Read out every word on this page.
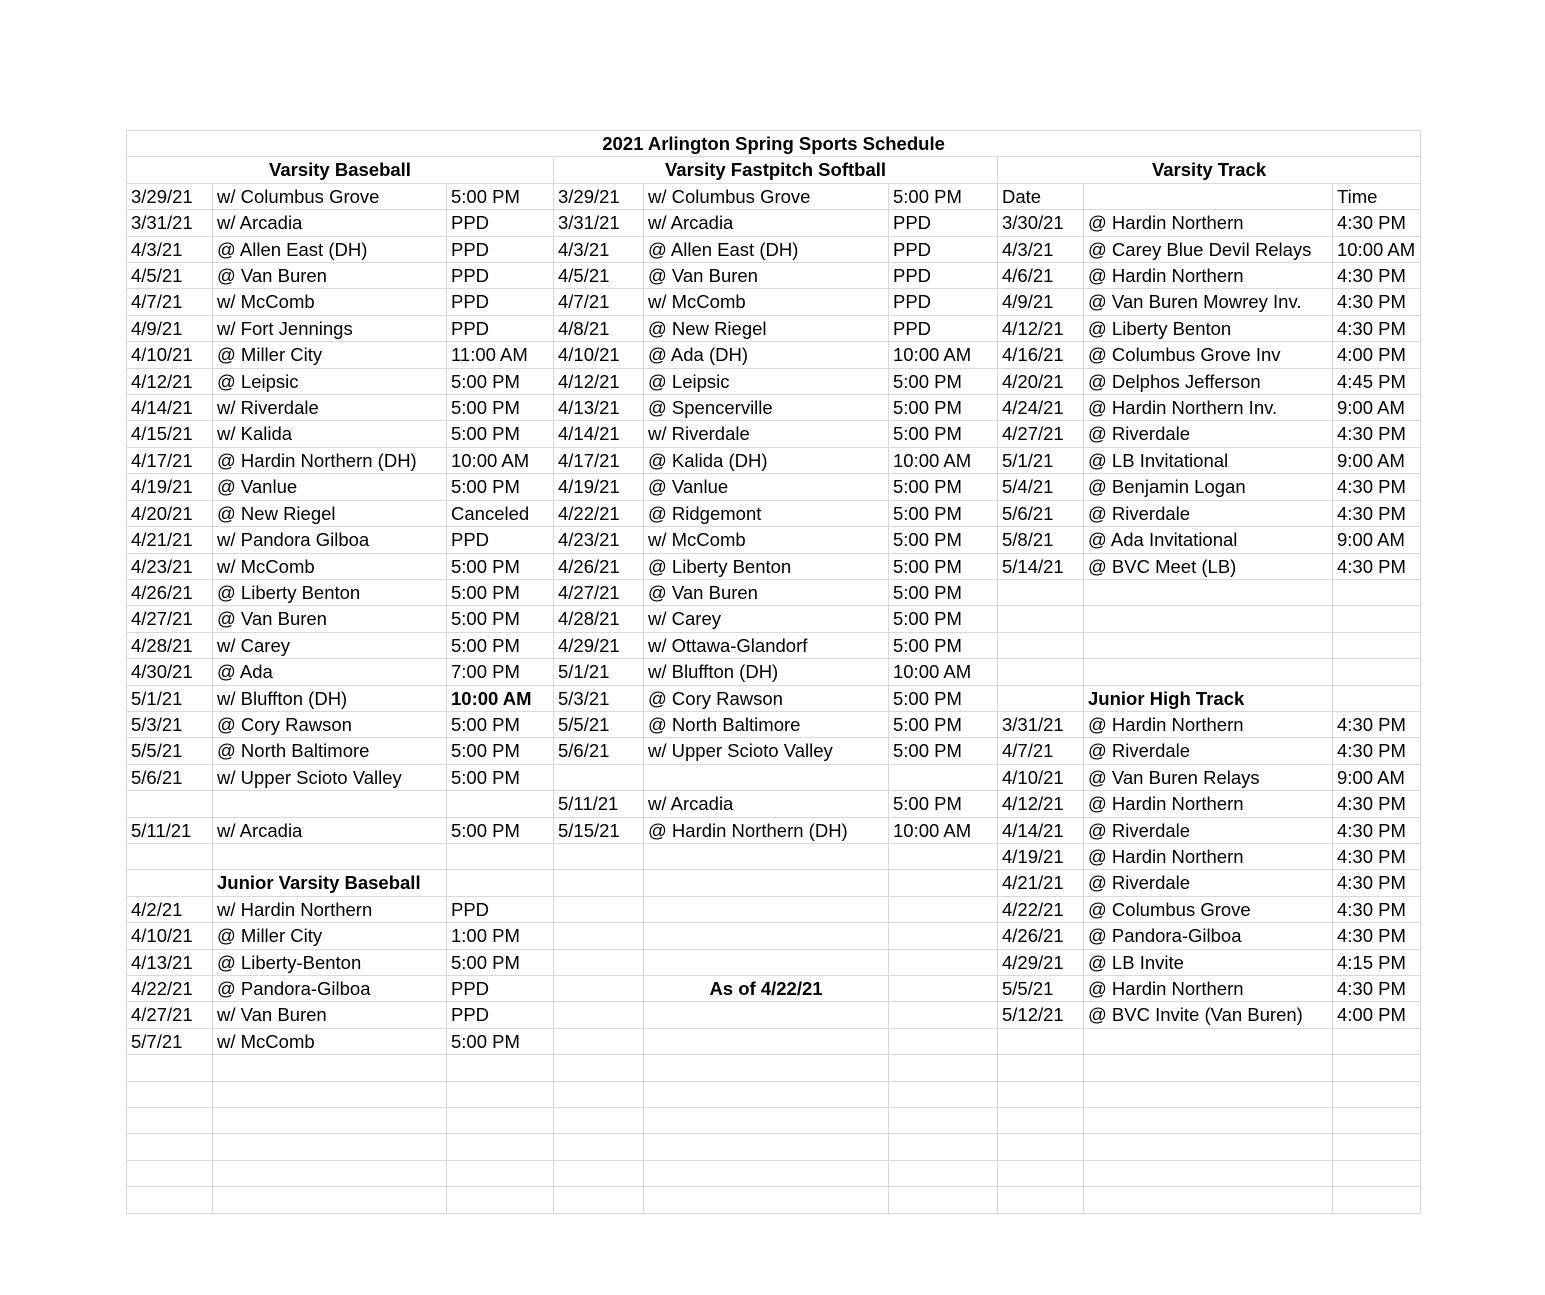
2021 Arlington Spring Sports Schedule								
Varsity Baseball			Varsity Fastpitch Softball			Varsity Track		
3/29/21	w/ Columbus Grove	5:00 PM	3/29/21	w/ Columbus Grove	5:00 PM	Date		Time
3/31/21	w/ Arcadia	PPD	3/31/21	w/ Arcadia	PPD	3/30/21	@ Hardin Northern	4:30 PM
4/3/21	@ Allen East (DH)	PPD	4/3/21	@ Allen East (DH)	PPD	4/3/21	@ Carey Blue Devil Relays	10:00 AM
4/5/21	@ Van Buren	PPD	4/5/21	@ Van Buren	PPD	4/6/21	@ Hardin Northern	4:30 PM
4/7/21	w/ McComb	PPD	4/7/21	w/ McComb	PPD	4/9/21	@ Van Buren Mowrey Inv.	4:30 PM
4/9/21	w/ Fort Jennings	PPD	4/8/21	@ New Riegel	PPD	4/12/21	@ Liberty Benton	4:30 PM
4/10/21	@ Miller City	11:00 AM	4/10/21	@ Ada (DH)	10:00 AM	4/16/21	@ Columbus Grove Inv	4:00 PM
4/12/21	@ Leipsic	5:00 PM	4/12/21	@ Leipsic	5:00 PM	4/20/21	@ Delphos Jefferson	4:45 PM
4/14/21	w/ Riverdale	5:00 PM	4/13/21	@ Spencerville	5:00 PM	4/24/21	@ Hardin Northern Inv.	9:00 AM
4/15/21	w/ Kalida	5:00 PM	4/14/21	w/ Riverdale	5:00 PM	4/27/21	@ Riverdale	4:30 PM
4/17/21	@ Hardin Northern (DH)	10:00 AM	4/17/21	@ Kalida (DH)	10:00 AM	5/1/21	@ LB Invitational	9:00 AM
4/19/21	@ Vanlue	5:00 PM	4/19/21	@ Vanlue	5:00 PM	5/4/21	@ Benjamin Logan	4:30 PM
4/20/21	@ New Riegel	Canceled	4/22/21	@ Ridgemont	5:00 PM	5/6/21	@ Riverdale	4:30 PM
4/21/21	w/ Pandora Gilboa	PPD	4/23/21	w/ McComb	5:00 PM	5/8/21	@ Ada Invitational	9:00 AM
4/23/21	w/ McComb	5:00 PM	4/26/21	@ Liberty Benton	5:00 PM	5/14/21	@ BVC Meet (LB)	4:30 PM
4/26/21	@ Liberty Benton	5:00 PM	4/27/21	@ Van Buren	5:00 PM			
4/27/21	@ Van Buren	5:00 PM	4/28/21	w/ Carey	5:00 PM			
4/28/21	w/ Carey	5:00 PM	4/29/21	w/ Ottawa-Glandorf	5:00 PM			
4/30/21	@ Ada	7:00 PM	5/1/21	w/ Bluffton (DH)	10:00 AM			
5/1/21	w/ Bluffton (DH)	10:00 AM	5/3/21	@ Cory Rawson	5:00 PM		Junior High Track	
5/3/21	@ Cory Rawson	5:00 PM	5/5/21	@ North Baltimore	5:00 PM	3/31/21	@ Hardin Northern	4:30 PM
5/5/21	@ North Baltimore	5:00 PM	5/6/21	w/ Upper Scioto Valley	5:00 PM	4/7/21	@ Riverdale	4:30 PM
5/6/21	w/ Upper Scioto Valley	5:00 PM				4/10/21	@ Van Buren Relays	9:00 AM
			5/11/21	w/ Arcadia	5:00 PM	4/12/21	@ Hardin Northern	4:30 PM
5/11/21	w/ Arcadia	5:00 PM	5/15/21	@ Hardin Northern (DH)	10:00 AM	4/14/21	@ Riverdale	4:30 PM
						4/19/21	@ Hardin Northern	4:30 PM
	Junior Varsity Baseball					4/21/21	@ Riverdale	4:30 PM
4/2/21	w/ Hardin Northern	PPD				4/22/21	@ Columbus Grove	4:30 PM
4/10/21	@ Miller City	1:00 PM				4/26/21	@ Pandora-Gilboa	4:30 PM
4/13/21	@ Liberty-Benton	5:00 PM				4/29/21	@ LB Invite	4:15 PM
4/22/21	@ Pandora-Gilboa	PPD		As of 4/22/21		5/5/21	@ Hardin Northern	4:30 PM
4/27/21	w/ Van Buren	PPD				5/12/21	@ BVC Invite (Van Buren)	4:00 PM
5/7/21	w/ McComb	5:00 PM						
